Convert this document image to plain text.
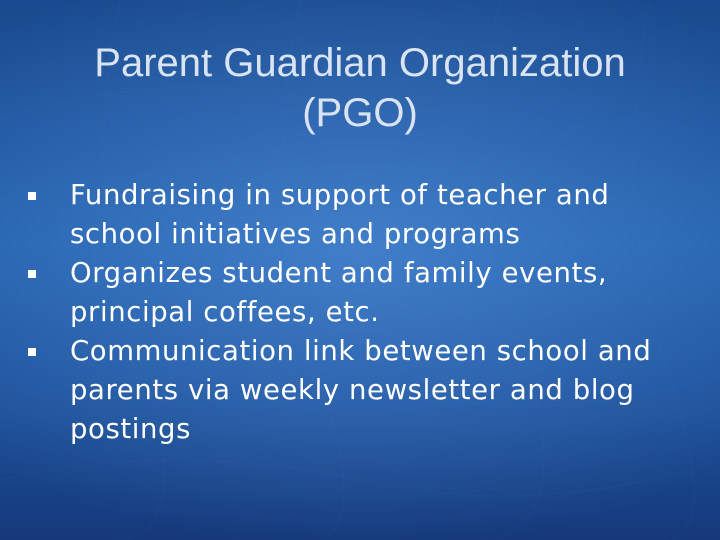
Parent Guardian Organization
(PGO)
Fundraising in support of teacher and school initiatives and programs
Organizes student and family events, principal coffees, etc.
Communication link between school and parents via weekly newsletter and blog postings
